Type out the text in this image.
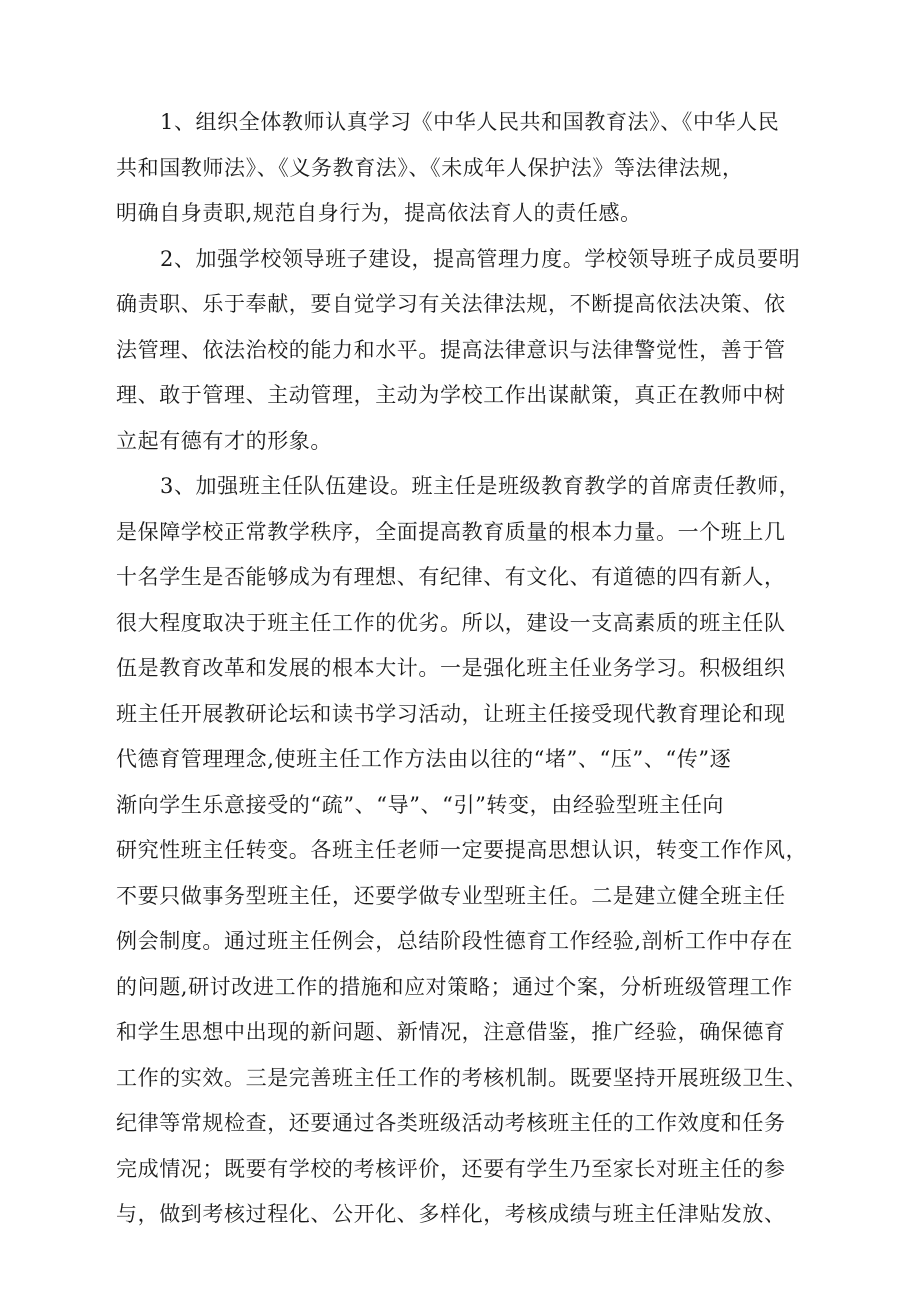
1、组织全体教师认真学习《中华人民共和国教育法》、《中华人民
共和国教师法》、《义务教育法》、《未成年人保护法》等法律法规，
明确自身责职,规范自身行为，提高依法育人的责任感。
2、加强学校领导班子建设，提高管理力度。学校领导班子成员要明
确责职、乐于奉献，要自觉学习有关法律法规，不断提高依法决策、依
法管理、依法治校的能力和水平。提高法律意识与法律警觉性，善于管
理、敢于管理、主动管理，主动为学校工作出谋献策，真正在教师中树
立起有德有才的形象。
3、加强班主任队伍建设。班主任是班级教育教学的首席责任教师，
是保障学校正常教学秩序，全面提高教育质量的根本力量。一个班上几
十名学生是否能够成为有理想、有纪律、有文化、有道德的四有新人，
很大程度取决于班主任工作的优劣。所以，建设一支高素质的班主任队
伍是教育改革和发展的根本大计。一是强化班主任业务学习。积极组织
班主任开展教研论坛和读书学习活动，让班主任接受现代教育理论和现
代德育管理理念,使班主任工作方法由以往的“堵”、“压”、“传”逐
渐向学生乐意接受的“疏”、“导”、“引”转变，由经验型班主任向
研究性班主任转变。各班主任老师一定要提高思想认识，转变工作作风，
不要只做事务型班主任，还要学做专业型班主任。二是建立健全班主任
例会制度。通过班主任例会，总结阶段性德育工作经验,剖析工作中存在
的问题,研讨改进工作的措施和应对策略；通过个案，分析班级管理工作
和学生思想中出现的新问题、新情况，注意借鉴，推广经验，确保德育
工作的实效。三是完善班主任工作的考核机制。既要坚持开展班级卫生、
纪律等常规检查，还要通过各类班级活动考核班主任的工作效度和任务
完成情况；既要有学校的考核评价，还要有学生乃至家长对班主任的参
与，做到考核过程化、公开化、多样化，考核成绩与班主任津贴发放、
